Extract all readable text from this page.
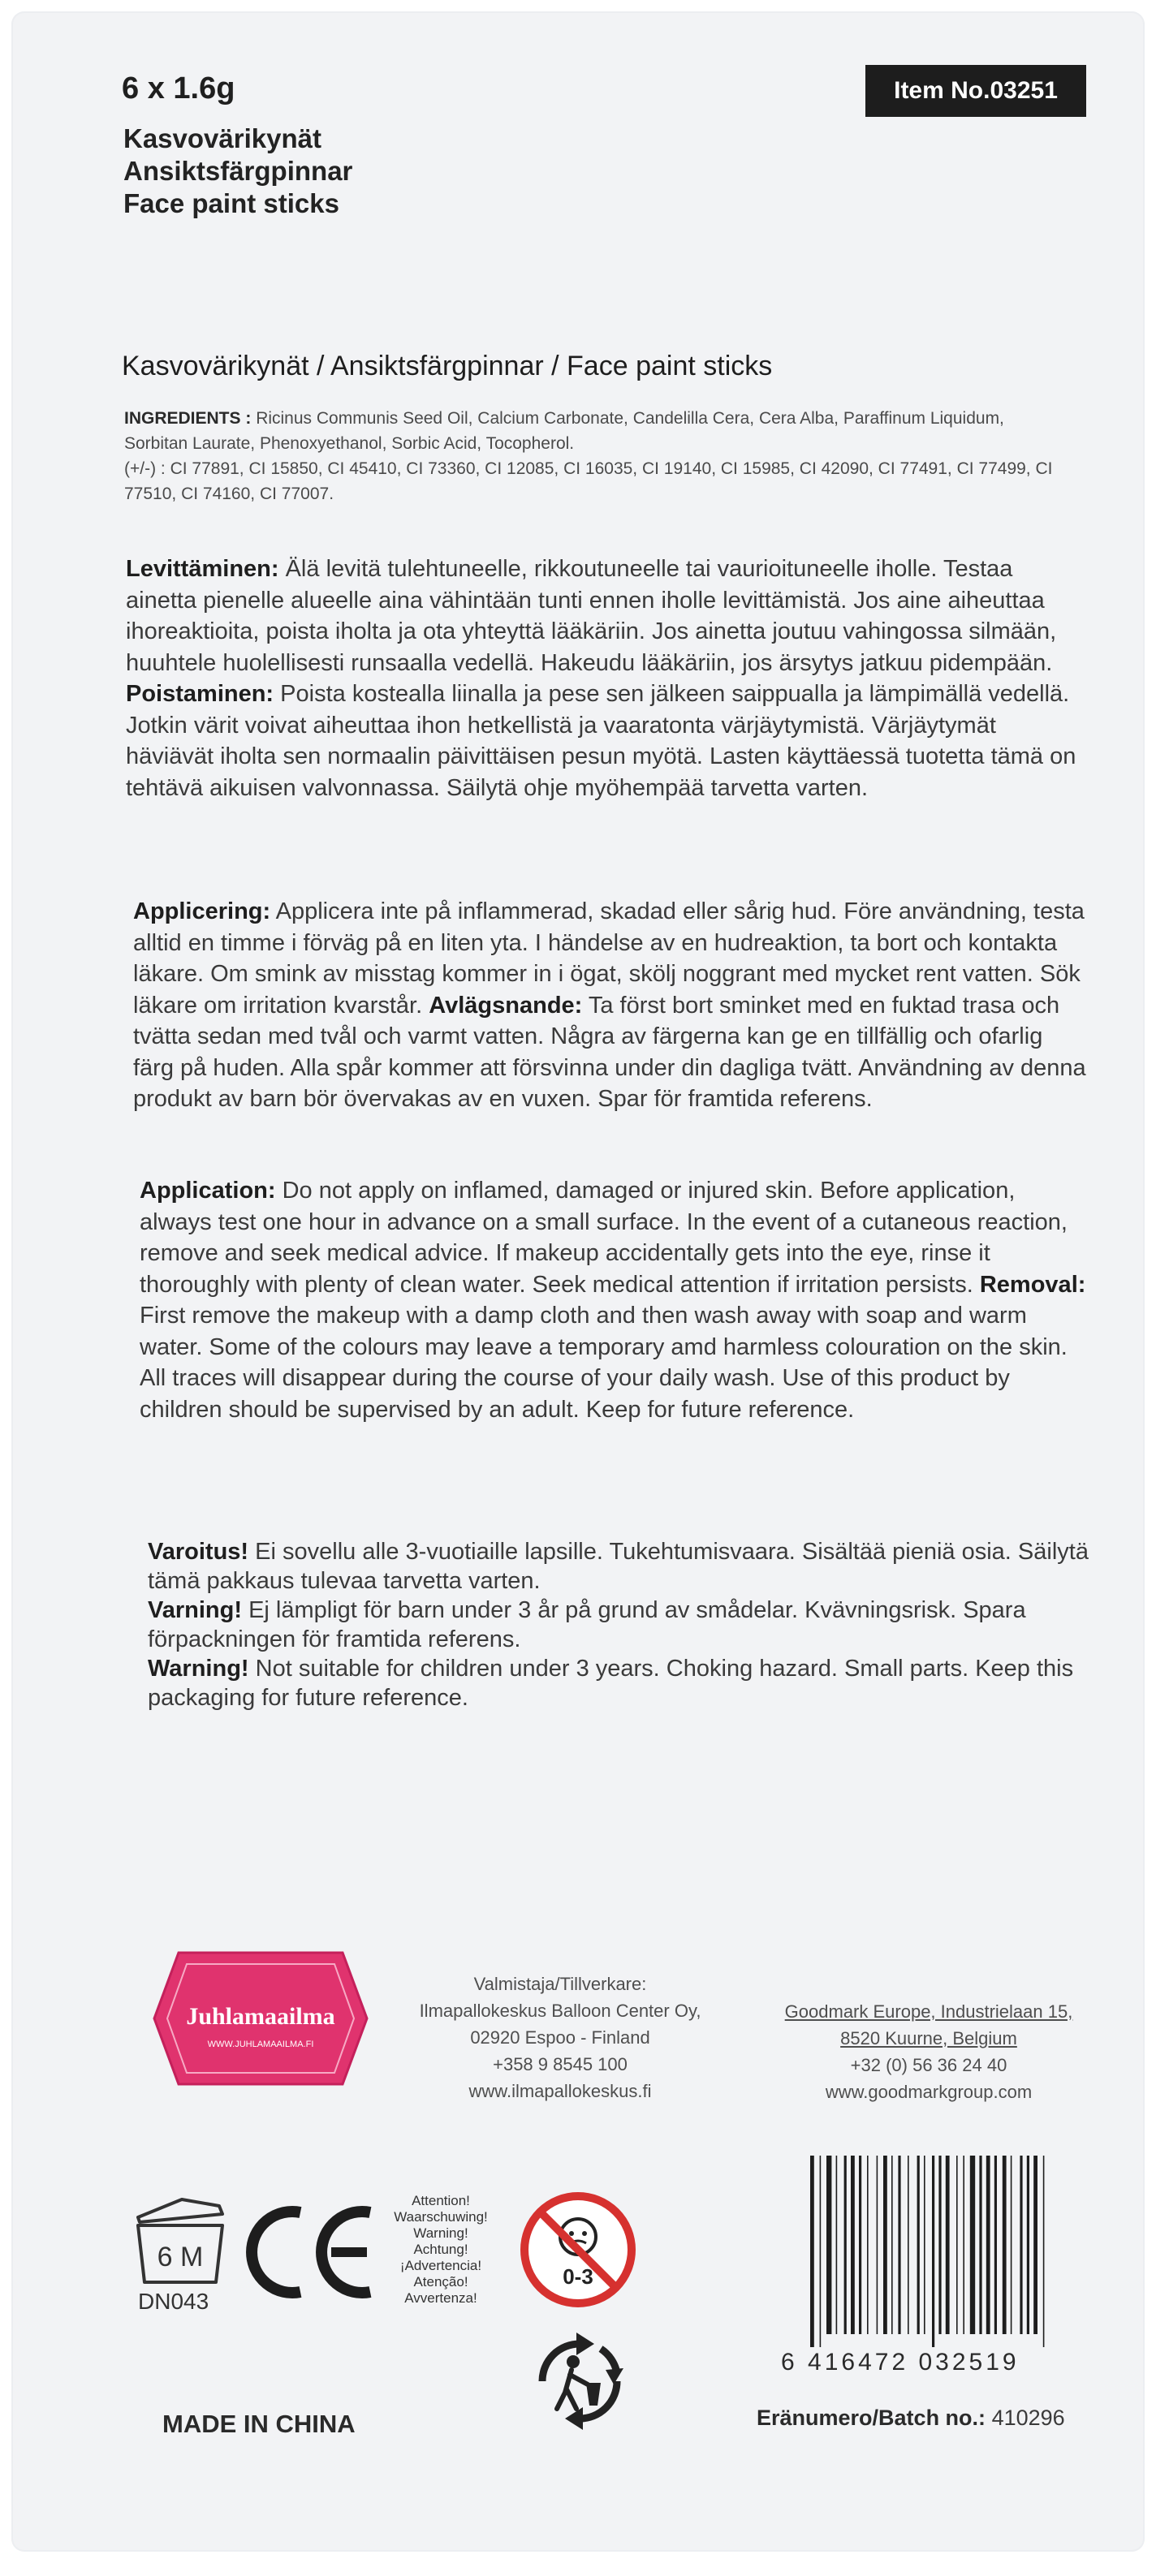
6 x 1.6g
Kasvovärikynät
Ansiktsfärgpinnar
Face paint sticks
Item No.03251
Kasvovärikynät / Ansiktsfärgpinnar / Face paint sticks
INGREDIENTS : Ricinus Communis Seed Oil, Calcium Carbonate, Candelilla Cera, Cera Alba, Paraffinum Liquidum, Sorbitan Laurate, Phenoxyethanol, Sorbic Acid, Tocopherol.
(+/-) : CI 77891, CI 15850, CI 45410, CI 73360, CI 12085, CI 16035, CI 19140, CI 15985, CI 42090, CI 77491, CI 77499, CI 77510, CI 74160, CI 77007.
Levittäminen: Älä levitä tulehtuneelle, rikkoutuneelle tai vaurioituneelle iholle. Testaa ainetta pienelle alueelle aina vähintään tunti ennen iholle levittämistä. Jos aine aiheuttaa ihoreaktioita, poista iholta ja ota yhteyttä lääkäriin. Jos ainetta joutuu vahingossa silmään, huuhtele huolellisesti runsaalla vedellä. Hakeudu lääkäriin, jos ärsytys jatkuu pidempään. Poistaminen: Poista kostealla liinalla ja pese sen jälkeen saippualla ja lämpimällä vedellä. Jotkin värit voivat aiheuttaa ihon hetkellistä ja vaaratonta värjäytymistä. Värjäytymät häviävät iholta sen normaalin päivittäisen pesun myötä. Lasten käyttäessä tuotetta tämä on tehtävä aikuisen valvonnassa. Säilytä ohje myöhempää tarvetta varten.
Applicering: Applicera inte på inflammerad, skadad eller sårig hud. Före användning, testa alltid en timme i förväg på en liten yta. I händelse av en hudreaktion, ta bort och kontakta läkare. Om smink av misstag kommer in i ögat, skölj noggrant med mycket rent vatten. Sök läkare om irritation kvarstår. Avlägsnande: Ta först bort sminket med en fuktad trasa och tvätta sedan med tvål och varmt vatten. Några av färgerna kan ge en tillfällig och ofarlig färg på huden. Alla spår kommer att försvinna under din dagliga tvätt. Användning av denna produkt av barn bör övervakas av en vuxen. Spar för framtida referens.
Application: Do not apply on inflamed, damaged or injured skin. Before application, always test one hour in advance on a small surface. In the event of a cutaneous reaction, remove and seek medical advice. If makeup accidentally gets into the eye, rinse it thoroughly with plenty of clean water. Seek medical attention if irritation persists. Removal: First remove the makeup with a damp cloth and then wash away with soap and warm water. Some of the colours may leave a temporary amd harmless colouration on the skin. All traces will disappear during the course of your daily wash. Use of this product by children should be supervised by an adult. Keep for future reference.
Varoitus! Ei sovellu alle 3-vuotiaille lapsille. Tukehtumisvaara. Sisältää pieniä osia. Säilytä tämä pakkaus tulevaa tarvetta varten.
Varning! Ej lämpligt för barn under 3 år på grund av smådelar. Kvävningsrisk. Spara förpackningen för framtida referens.
Warning! Not suitable for children under 3 years. Choking hazard. Small parts. Keep this packaging for future reference.
Juhlamaailma
WWW.JUHLAMAAILMA.FI
Valmistaja/Tillverkare:
Ilmapallokeskus Balloon Center Oy,
02920 Espoo - Finland
+358 9 8545 100
www.ilmapallokeskus.fi
Goodmark Europe, Industrielaan 15,
8520 Kuurne, Belgium
+32 (0) 56 36 24 40
www.goodmarkgroup.com
6 M
DN043
Attention!
Waarschuwing!
Warning!
Achtung!
¡Advertencia!
Atenção!
Avvertenza!
0-3
6 416472 032519
MADE IN CHINA	Eränumero/Batch no.: 410296
